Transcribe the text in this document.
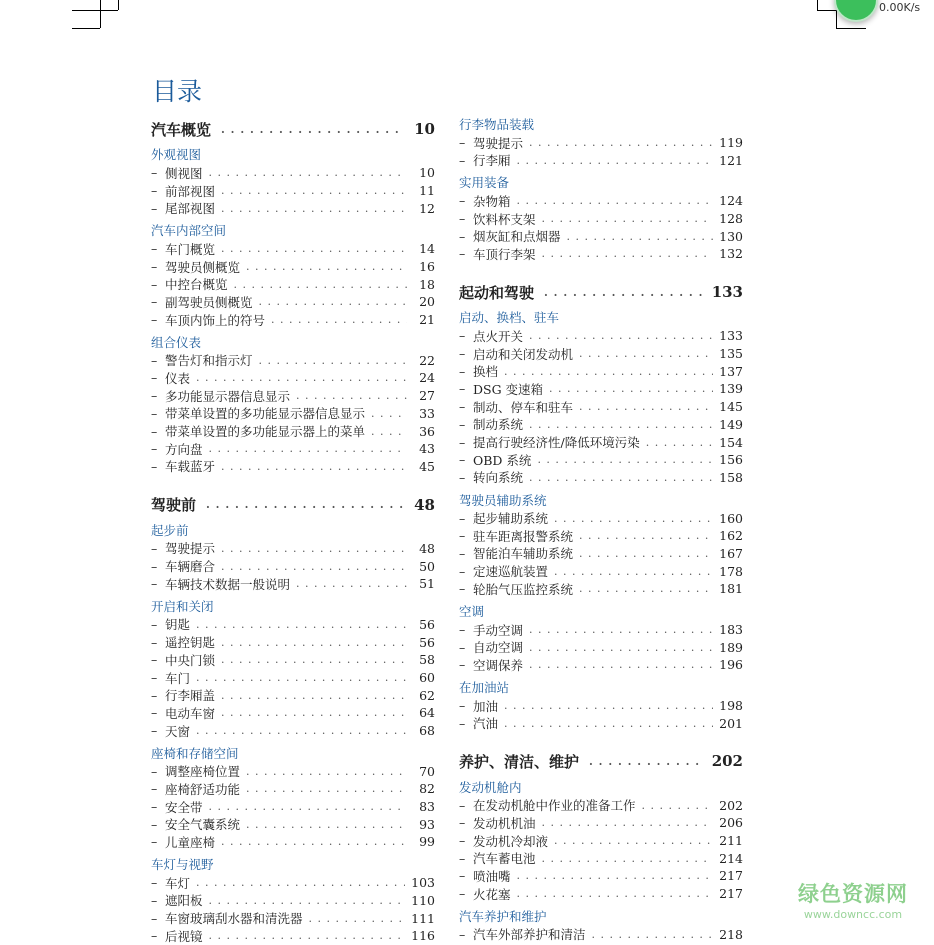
0.00K/s
目录
汽车概览 . . .	10
外观视图
– 侧视图 . . .	10
– 前部视图 . . .	11
– 尾部视图 . . .	12
汽车内部空间
– 车门概览 . . .	14
– 驾驶员侧概览 . . .	16
– 中控台概览 . . .	18
– 副驾驶员侧概览 . . .	20
– 车顶内饰上的符号 . . .	21
组合仪表
– 警告灯和指示灯 . . .	22
– 仪表 . . .	24
– 多功能显示器信息显示 . . .	27
– 带菜单设置的多功能显示器信息显示 . . .	33
– 带菜单设置的多功能显示器上的菜单 . . .	36
– 方向盘 . . .	43
– 车载蓝牙 . . .	45
驾驶前 . . .	48
起步前
– 驾驶提示 . . .	48
– 车辆磨合 . . .	50
– 车辆技术数据一般说明 . . .	51
开启和关闭
– 钥匙 . . .	56
– 遥控钥匙 . . .	56
– 中央门锁 . . .	58
– 车门 . . .	60
– 行李厢盖 . . .	62
– 电动车窗 . . .	64
– 天窗 . . .	68
座椅和存储空间
– 调整座椅位置 . . .	70
– 座椅舒适功能 . . .	82
– 安全带 . . .	83
– 安全气囊系统 . . .	93
– 儿童座椅 . . .	99
车灯与视野
– 车灯 . . .	103
– 遮阳板 . . .	110
– 车窗玻璃刮水器和清洗器 . . .	111
– 后视镜 . . .	116
行李物品装载
– 驾驶提示 . . .	119
– 行李厢 . . .	121
实用装备
– 杂物箱 . . .	124
– 饮料杯支架 . . .	128
– 烟灰缸和点烟器 . . .	130
– 车顶行李架 . . .	132
起动和驾驶 . . .	133
启动、换档、驻车
– 点火开关 . . .	133
– 启动和关闭发动机 . . .	135
– 换档 . . .	137
– DSG 变速箱 . . .	139
– 制动、停车和驻车 . . .	145
– 制动系统 . . .	149
– 提高行驶经济性/降低环境污染 . . .	154
– OBD 系统 . . .	156
– 转向系统 . . .	158
驾驶员辅助系统
– 起步辅助系统 . . .	160
– 驻车距离报警系统 . . .	162
– 智能泊车辅助系统 . . .	167
– 定速巡航装置 . . .	178
– 轮胎气压监控系统 . . .	181
空调
– 手动空调 . . .	183
– 自动空调 . . .	189
– 空调保养 . . .	196
在加油站
– 加油 . . .	198
– 汽油 . . .	201
养护、清洁、维护 . . .	202
发动机舱内
– 在发动机舱中作业的准备工作 . . .	202
– 发动机机油 . . .	206
– 发动机冷却液 . . .	211
– 汽车蓄电池 . . .	214
– 喷油嘴 . . .	217
– 火花塞 . . .	217
汽车养护和维护
– 汽车外部养护和清洁 . . .	218
绿色资源网
www.downcc.com
